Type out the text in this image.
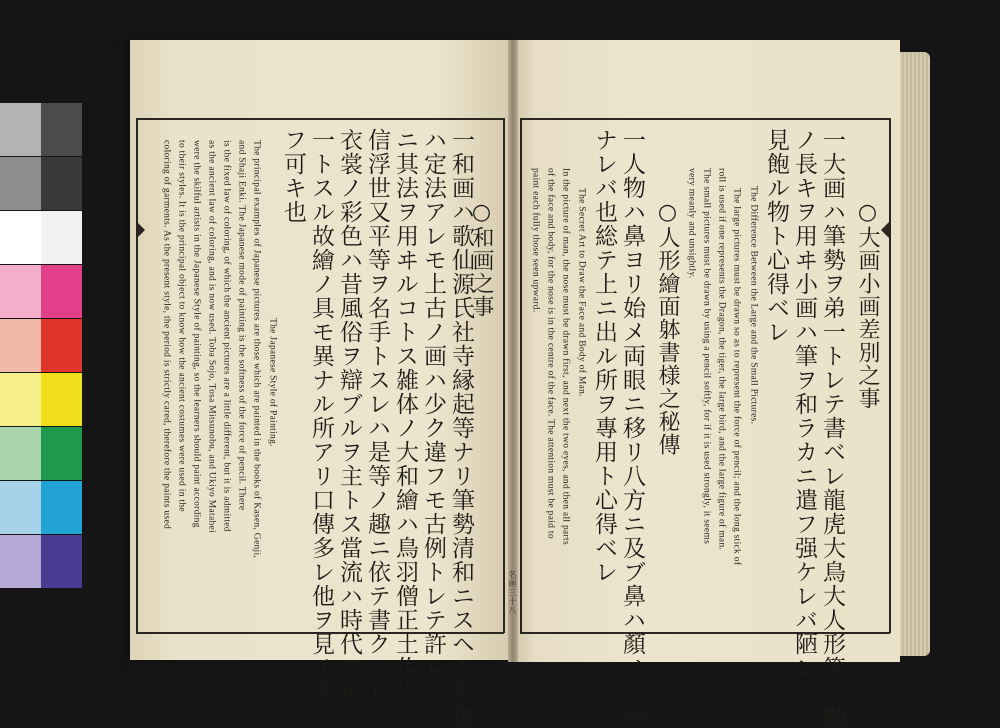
名画三十八
○大画小画差別之事
一大画ハ筆勢ヲ弟一トレテ書ベレ龍虎大鳥大人形等ハ軸
ノ長キヲ用ヰ小画ハ筆ヲ和ラカニ遣フ强ケレバ陋レク
見飽ル物ト心得ベレ
The Difference Between the Large and the Small Pictures.
The large pictures must be drawn so as to represent the force of pencil; and the long stick of
roll is used if one represents the Dragon, the tiger, the large bird, and the large figure of man.
The small pictures must be drawn by using a pencil softly, for if it is used strongly, it seems
very meanly and unsightly.
○人形繪面躰書様之秘傳
一人物ハ鼻ヨリ始メ両眼ニ移リ八方ニ及ブ鼻ハ顏ノ中央
ナレバ也総テ上ニ出ル所ヲ專用ト心得ベレ
The Secret Art to Draw the Face and Body of Man.
In the picture of man, the nose must be drawn first, and next the two eyes, and then all parts
of the face and body, for the nose is in the centre of the face. The attention must be paid to
paint each fully those seen upward.
○和画之事
一和画ハ歌仙源氏社寺縁起等ナリ筆勢清和ニスヘシ彩色
ハ定法アレモ上古ノ画ハ少ク違フモ古例トレテ許レ今
ニ其法ヲ用ヰルコトス雑体ノ大和繪ハ鳥羽僧正土佐光
信浮世又平等ヲ名手トスレハ是等ノ趣ニ依テ書クベレ
衣裳ノ彩色ハ昔風俗ヲ辯ブルヲ主トス當流ハ時代ヲ弟
一トスル故繪ノ具モ異ナル所アリ口傳多レ他ヲ見テ考
フ可キ也
The Japanese Style of Painting.
The principal examples of Japanese pictures are those which are painted in the books of Kasen, Genji,
and Shaji Enki. The Japanese mode of painting is the softness of the force of pencil. There
is the fixed law of coloring, of which the ancient pictures are a little different, but it is admitted
as the ancient law of coloring, and is now used. Toba Sojo, Tosa Mitsunobu, and Ukiyo Matahei
were the skilful artists in the Japanese Style of painting, so the learners should paint according
to their styles. It is the principal object to know how the ancient costumes were used in the
coloring of garments. As the present style, the period is strictly cared, therefore the paints used
